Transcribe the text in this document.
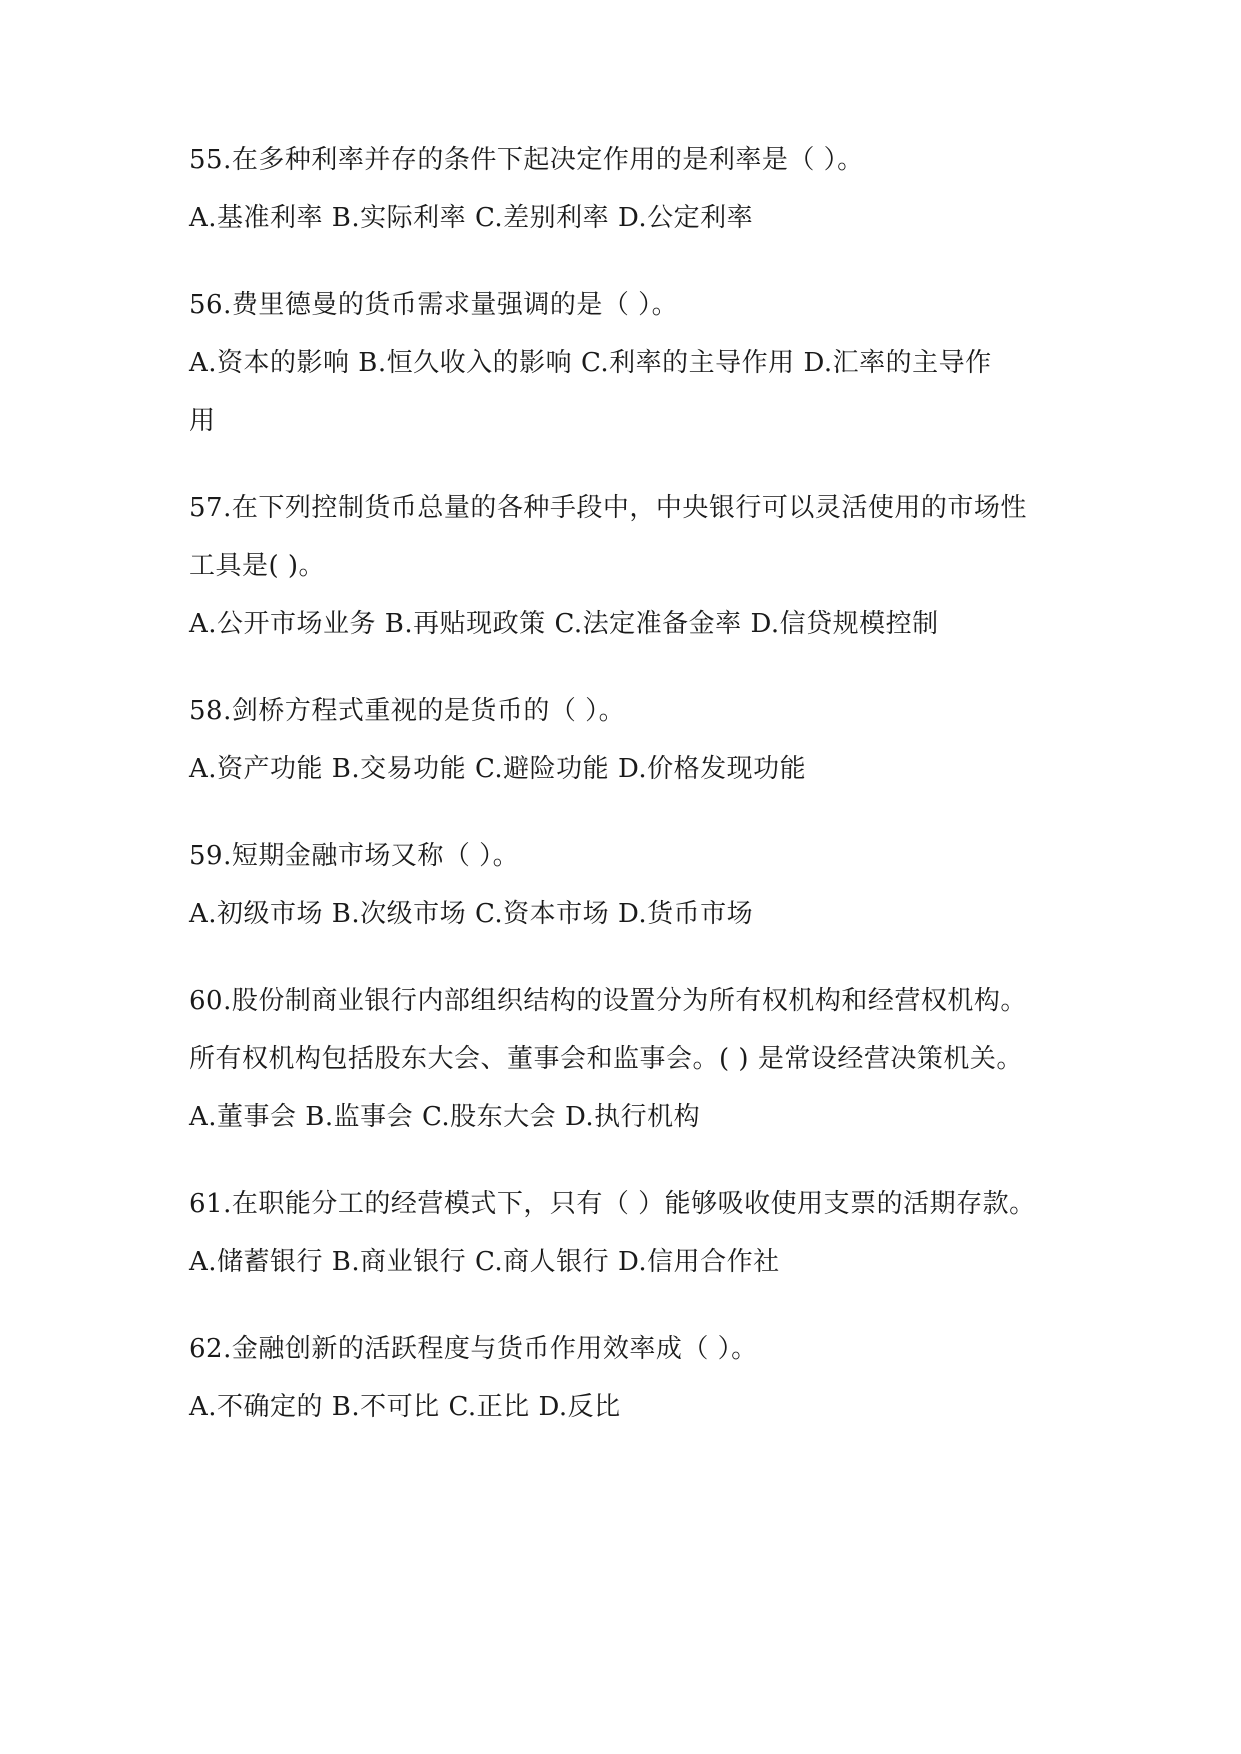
55.在多种利率并存的条件下起决定作用的是利率是（ ）。
A.基准利率 B.实际利率 C.差别利率 D.公定利率
56.费里德曼的货币需求量强调的是（ ）。
A.资本的影响 B.恒久收入的影响 C.利率的主导作用 D.汇率的主导作
用
57.在下列控制货币总量的各种手段中，中央银行可以灵活使用的市场性
工具是( )。
A.公开市场业务 B.再贴现政策 C.法定准备金率 D.信贷规模控制
58.剑桥方程式重视的是货币的（ ）。
A.资产功能 B.交易功能 C.避险功能 D.价格发现功能
59.短期金融市场又称（ ）。
A.初级市场 B.次级市场 C.资本市场 D.货币市场
60.股份制商业银行内部组织结构的设置分为所有权机构和经营权机构。
所有权机构包括股东大会、董事会和监事会。( ) 是常设经营决策机关。
A.董事会 B.监事会 C.股东大会 D.执行机构
61.在职能分工的经营模式下，只有（ ）能够吸收使用支票的活期存款。
A.储蓄银行 B.商业银行 C.商人银行 D.信用合作社
62.金融创新的活跃程度与货币作用效率成（ ）。
A.不确定的 B.不可比 C.正比 D.反比
